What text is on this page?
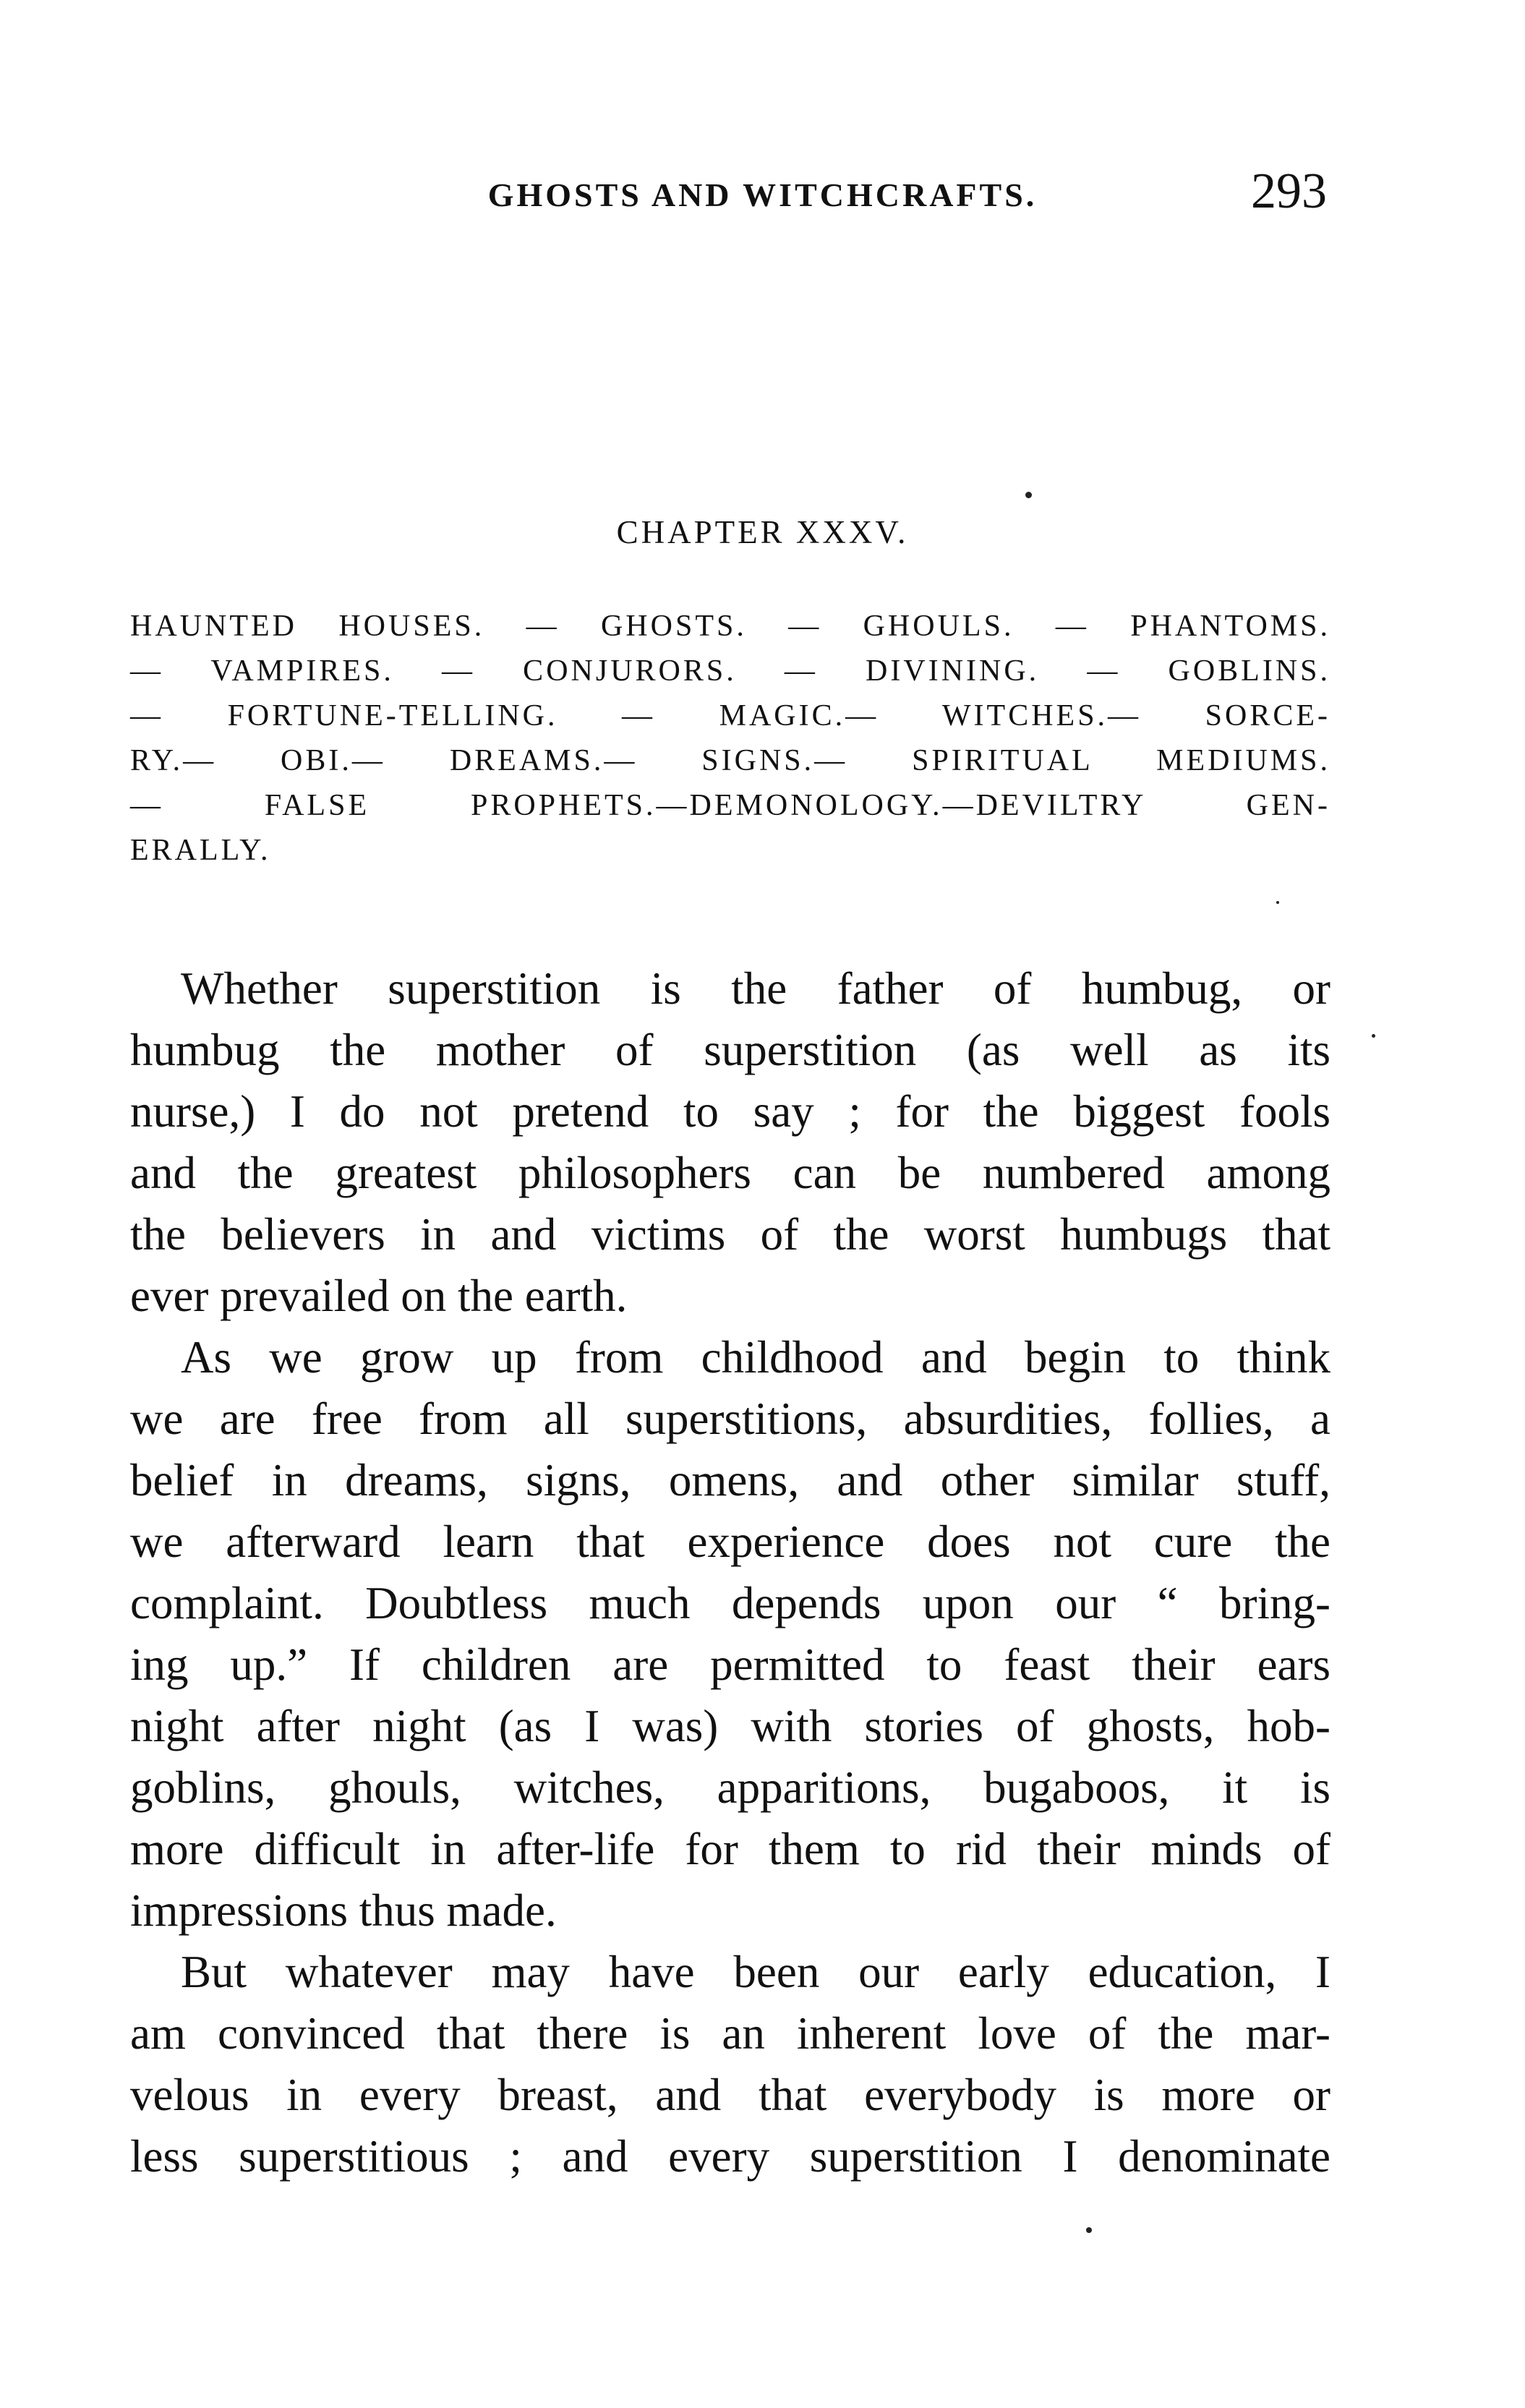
GHOSTS AND WITCHCRAFTS.	293
CHAPTER XXXV.
HAUNTED HOUSES. — GHOSTS. — GHOULS. — PHANTOMS.
— VAMPIRES. — CONJURORS. — DIVINING. — GOBLINS.
— FORTUNE-TELLING. — MAGIC.— WITCHES.— SORCE-
RY.— OBI.— DREAMS.— SIGNS.— SPIRITUAL MEDIUMS.
— FALSE PROPHETS.—DEMONOLOGY.—DEVILTRY GEN-
ERALLY.
Whether superstition is the father of humbug, or
humbug the mother of superstition (as well as its
nurse,) I do not pretend to say ; for the biggest fools
and the greatest philosophers can be numbered among
the believers in and victims of the worst humbugs that
ever prevailed on the earth.
As we grow up from childhood and begin to think
we are free from all superstitions, absurdities, follies, a
belief in dreams, signs, omens, and other similar stuff,
we afterward learn that experience does not cure the
complaint. Doubtless much depends upon our “ bring-
ing up.” If children are permitted to feast their ears
night after night (as I was) with stories of ghosts, hob-
goblins, ghouls, witches, apparitions, bugaboos, it is
more difficult in after-life for them to rid their minds of
impressions thus made.
But whatever may have been our early education, I
am convinced that there is an inherent love of the mar-
velous in every breast, and that everybody is more or
less superstitious ; and every superstition I denominate
